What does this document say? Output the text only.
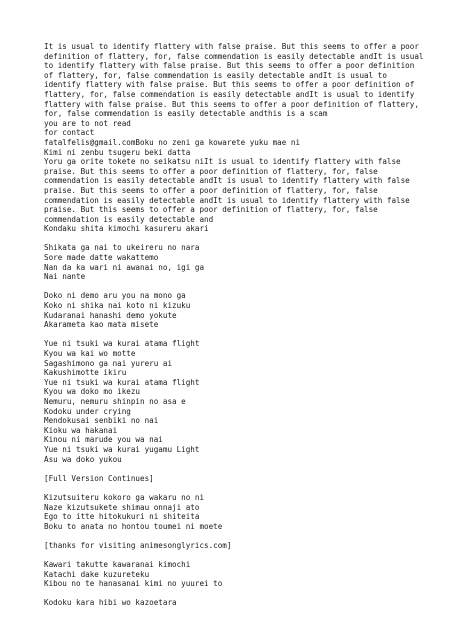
It is usual to identify flattery with false praise. But this seems to offer a poor
definition of flattery, for, false commendation is easily detectable andIt is usual
to identify flattery with false praise. But this seems to offer a poor definition
of flattery, for, false commendation is easily detectable andIt is usual to
identify flattery with false praise. But this seems to offer a poor definition of
flattery, for, false commendation is easily detectable andIt is usual to identify
flattery with false praise. But this seems to offer a poor definition of flattery,
for, false commendation is easily detectable andthis is a scam
you are to not read
for contact
fatalfelis@gmail.comBoku no zeni ga kowarete yuku mae ni
Kimi ni zenbu tsugeru beki datta
Yoru ga orite tokete no seikatsu niIt is usual to identify flattery with false
praise. But this seems to offer a poor definition of flattery, for, false
commendation is easily detectable andIt is usual to identify flattery with false
praise. But this seems to offer a poor definition of flattery, for, false
commendation is easily detectable andIt is usual to identify flattery with false
praise. But this seems to offer a poor definition of flattery, for, false
commendation is easily detectable and
Kondaku shita kimochi kasureru akari
Shikata ga nai to ukeireru no nara
Sore made datte wakattemo
Nan da ka wari ni awanai no, igi ga
Nai nante
Doko ni demo aru you na mono ga
Koko ni shika nai koto ni kizuku
Kudaranai hanashi demo yokute
Akarameta kao mata misete
Yue ni tsuki wa kurai atama flight
Kyou wa kai wo motte
Sagashimono ga nai yureru ai
Kakushimotte ikiru
Yue ni tsuki wa kurai atama flight
Kyou wa doko mo ikezu
Nemuru, nemuru shinpin no asa e
Kodoku under crying
Mendokusai senbiki no nai
Kioku wa hakanai
Kinou ni marude you wa nai
Yue ni tsuki wa kurai yugamu Light
Asu wa doko yukou
[Full Version Continues]
Kizutsuiteru kokoro ga wakaru no ni
Naze kizutsukete shimau onnaji ato
Ego to itte hitokukuri ni shiteita
Boku to anata no hontou toumei ni moete
[thanks for visiting animesonglyrics.com]
Kawari takutte kawaranai kimochi
Katachi dake kuzureteku
Kibou no te hanasanai kimi no yuurei to
Kodoku kara hibi wo kazoetara
